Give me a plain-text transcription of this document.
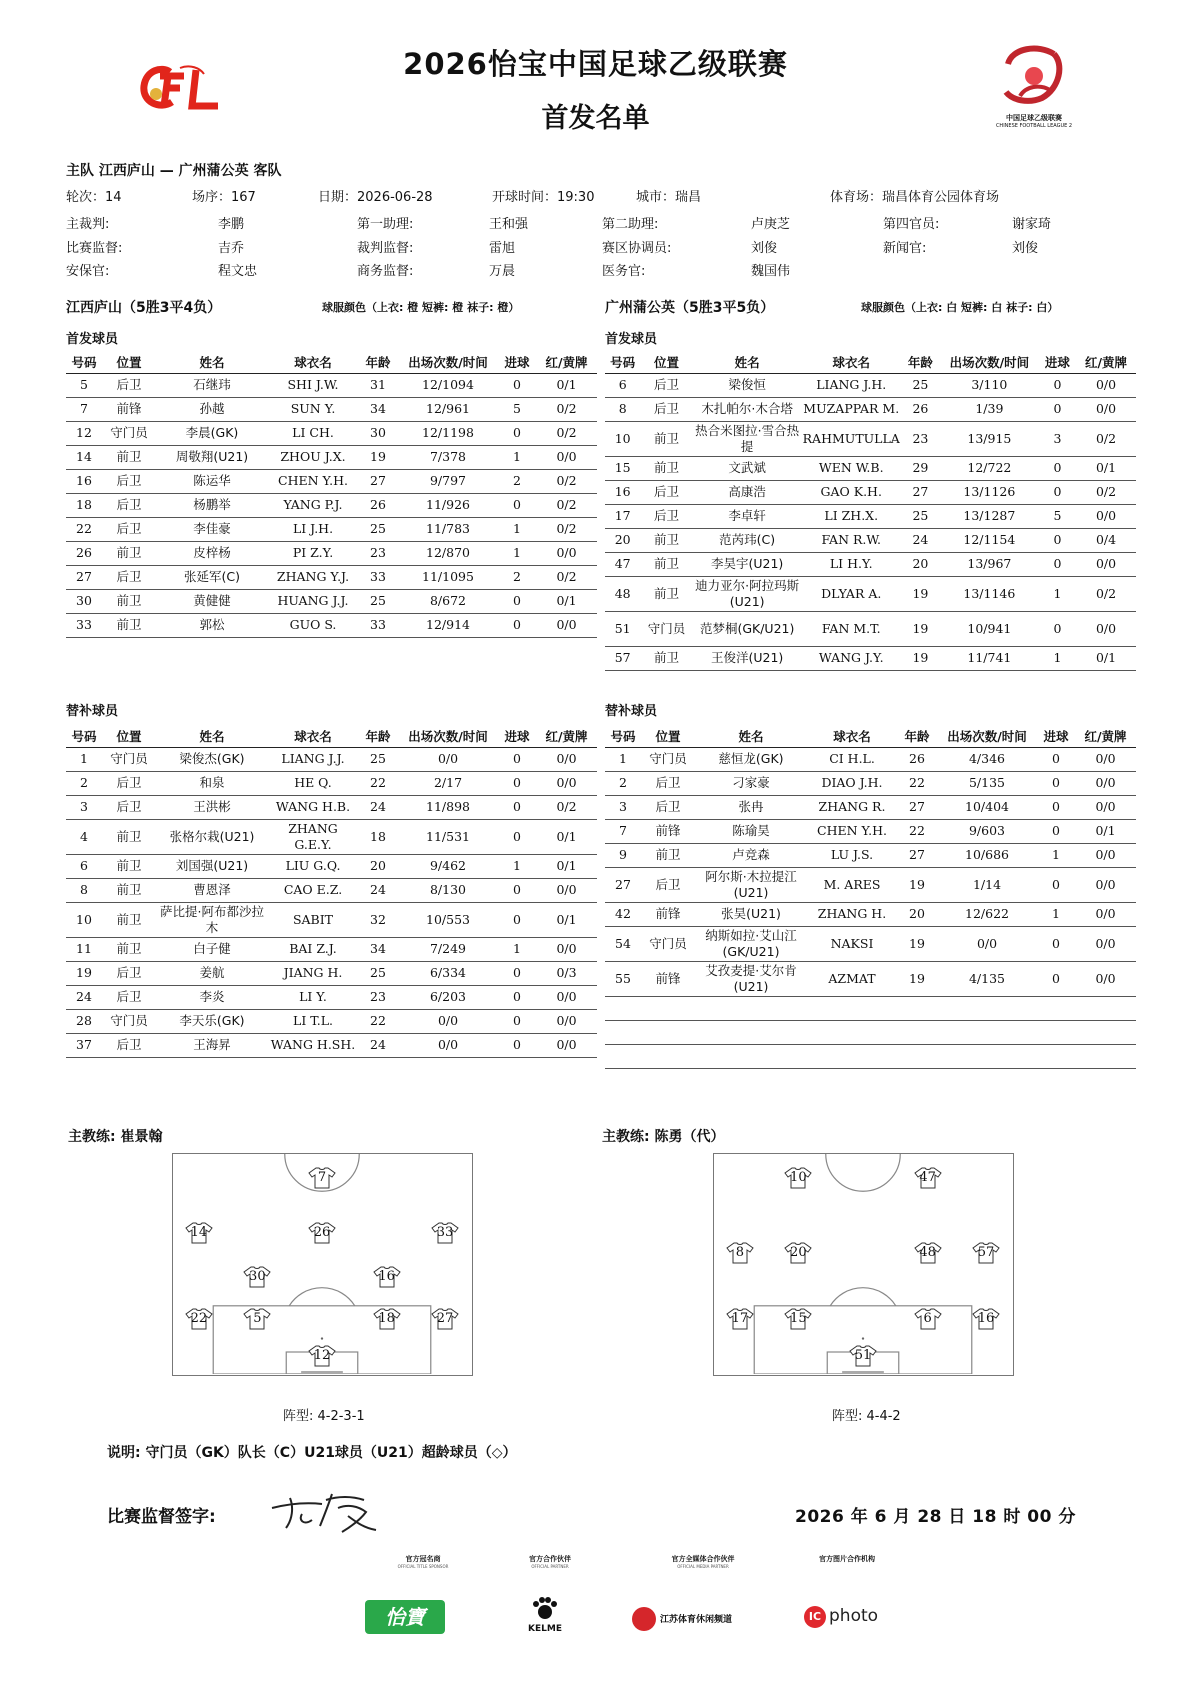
2026怡宝中国足球乙级联赛
首发名单	中国足球乙级联赛
CHINESE FOOTBALL LEAGUE 2
主队 江西庐山 — 广州蒲公英 客队
轮次：14	场序：167	日期：2026-06-28	开球时间：19:30	城市：瑞昌	体育场：瑞昌体育公园体育场
主裁判:	李鹏	第一助理:	王和强	第二助理:	卢庚芝	第四官员:	谢家琦
比赛监督:	吉乔	裁判监督:	雷旭	赛区协调员:	刘俊	新闻官:	刘俊
安保官:	程文忠	商务监督:	万晨	医务官:	魏国伟
江西庐山（5胜3平4负）	球服颜色（上衣: 橙 短裤: 橙 袜子: 橙）	广州蒲公英（5胜3平5负）	球服颜色（上衣: 白 短裤: 白 袜子: 白）
首发球员	首发球员
号码	位置	姓名	球衣名	年龄	出场次数/时间	进球	红/黄牌
5	后卫	石继玮	SHI J.W.	31	12/1094	0	0/1
7	前锋	孙越	SUN Y.	34	12/961	5	0/2
12	守门员	李晨(GK)	LI CH.	30	12/1198	0	0/2
14	前卫	周敬翔(U21)	ZHOU J.X.	19	7/378	1	0/0
16	后卫	陈运华	CHEN Y.H.	27	9/797	2	0/2
18	后卫	杨鹏举	YANG P.J.	26	11/926	0	0/2
22	后卫	李佳豪	LI J.H.	25	11/783	1	0/2
26	前卫	皮梓杨	PI Z.Y.	23	12/870	1	0/0
27	后卫	张延军(C)	ZHANG Y.J.	33	11/1095	2	0/2
30	前卫	黄健健	HUANG J.J.	25	8/672	0	0/1
33	前卫	郭松	GUO S.	33	12/914	0	0/0
号码	位置	姓名	球衣名	年龄	出场次数/时间	进球	红/黄牌
6	后卫	梁俊恒	LIANG J.H.	25	3/110	0	0/0
8	后卫	木扎帕尔·木合塔	MUZAPPAR M.	26	1/39	0	0/0
10	前卫	热合米图拉·雪合热提	RAHMUTULLA	23	13/915	3	0/2
15	前卫	文武斌	WEN W.B.	29	12/722	0	0/1
16	后卫	高康浩	GAO K.H.	27	13/1126	0	0/2
17	后卫	李卓轩	LI ZH.X.	25	13/1287	5	0/0
20	前卫	范芮玮(C)	FAN R.W.	24	12/1154	0	0/4
47	前卫	李昊宇(U21)	LI H.Y.	20	13/967	0	0/0
48	前卫	迪力亚尔·阿拉玛斯(U21)	DLYAR A.	19	13/1146	1	0/2
51	守门员	范梦桐(GK/U21)	FAN M.T.	19	10/941	0	0/0
57	前卫	王俊洋(U21)	WANG J.Y.	19	11/741	1	0/1
替补球员	替补球员
号码	位置	姓名	球衣名	年龄	出场次数/时间	进球	红/黄牌
1	守门员	梁俊杰(GK)	LIANG J.J.	25	0/0	0	0/0
2	后卫	和泉	HE Q.	22	2/17	0	0/0
3	后卫	王洪彬	WANG H.B.	24	11/898	0	0/2
4	前卫	张格尔栽(U21)	ZHANG G.E.Y.	18	11/531	0	0/1
6	前卫	刘国强(U21)	LIU G.Q.	20	9/462	1	0/1
8	前卫	曹恩泽	CAO E.Z.	24	8/130	0	0/0
10	前卫	萨比提·阿布都沙拉木	SABIT	32	10/553	0	0/1
11	前卫	白子健	BAI Z.J.	34	7/249	1	0/0
19	后卫	姜航	JIANG H.	25	6/334	0	0/3
24	后卫	李炎	LI Y.	23	6/203	0	0/0
28	守门员	李天乐(GK)	LI T.L.	22	0/0	0	0/0
37	后卫	王海昇	WANG H.SH.	24	0/0	0	0/0
号码	位置	姓名	球衣名	年龄	出场次数/时间	进球	红/黄牌
1	守门员	慈恒龙(GK)	CI H.L.	26	4/346	0	0/0
2	后卫	刁家豪	DIAO J.H.	22	5/135	0	0/0
3	后卫	张冉	ZHANG R.	27	10/404	0	0/0
7	前锋	陈瑜昊	CHEN Y.H.	22	9/603	0	0/1
9	前卫	卢竞森	LU J.S.	27	10/686	1	0/0
27	后卫	阿尔斯·木拉提江(U21)	M. ARES	19	1/14	0	0/0
42	前锋	张昊(U21)	ZHANG H.	20	12/622	1	0/0
54	守门员	纳斯如拉·艾山江(GK/U21)	NAKSI	19	0/0	0	0/0
55	前锋	艾孜麦提·艾尔肯(U21)	AZMAT	19	4/135	0	0/0

主教练: 崔景翰	主教练: 陈勇（代）
7
14	26	33
30	16
22	5	18	27
12
10	47
8	20	48	57
17	15	6	16
51
阵型: 4-2-3-1	阵型: 4-4-2
说明: 守门员（GK）队长（C）U21球员（U21）超龄球员（◇）
比赛监督签字:	2026 年 6 月 28 日 18 时 00 分
官方冠名商
OFFICIAL TITLE SPONSOR
官方合作伙伴
OFFICIAL PARTNER
官方全媒体合作伙伴
OFFICIAL MEDIA PARTNER
官方图片合作机构
怡寶	KELME
江苏体育休闲频道	IC photo
